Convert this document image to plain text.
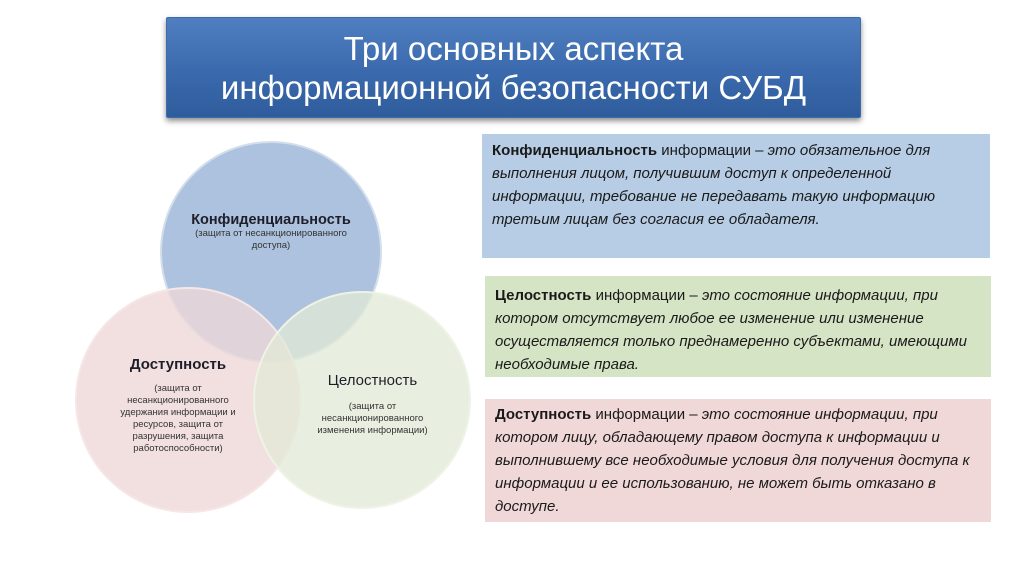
Три основных аспекта
информационной безопасности СУБД
Конфиденциальность
(защита от несанкционированного
доступа)
Доступность
(защита от
несанкционированного
удержания информации и
ресурсов, защита от
разрушения, защита
работоспособности)
Целостность
(защита от
несанкционированного
изменения информации)
Конфиденциальность информации – это обязательное для выполнения лицом, получившим доступ к определенной информации, требование не передавать такую информацию третьим лицам без согласия ее обладателя.
Целостность информации – это состояние информации, при котором отсутствует любое ее изменение или изменение осуществляется только преднамеренно субъектами, имеющими необходимые права.
Доступность информации – это состояние информации, при котором лицу, обладающему правом доступа к информации и выполнившему все необходимые условия для получения доступа к информации и ее использованию, не может быть отказано в доступе.
